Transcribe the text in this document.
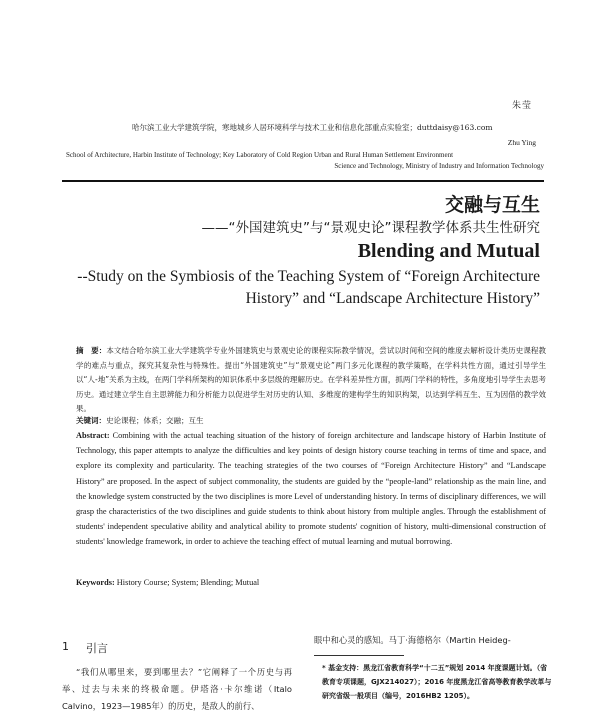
朱莹
哈尔滨工业大学建筑学院，寒地城乡人居环境科学与技术工业和信息化部重点实验室；duttdaisy@163.com
Zhu Ying
School of Architecture, Harbin Institute of Technology; Key Laboratory of Cold Region Urban and Rural Human Settlement Environment
Science and Technology, Ministry of Industry and Information Technology
交融与互生
——“外国建筑史”与“景观史论”课程教学体系共生性研究
Blending and Mutual
--Study on the Symbiosis of the Teaching System of “Foreign Architecture History” and “Landscape Architecture History”
摘　要：本文结合哈尔滨工业大学建筑学专业外国建筑史与景观史论的课程实际教学情况，尝试以时间和空间的维度去解析设计类历史课程教学的难点与重点，探究其复杂性与特殊性。提出“外国建筑史”与“景观史论”两门多元化课程的教学策略，在学科共性方面，通过引导学生以“人-地”关系为主线，在两门学科所架构的知识体系中多层级的理解历史。在学科差异性方面，抓两门学科的特性，多角度地引导学生去思考历史。通过建立学生自主思辨能力和分析能力以促进学生对历史的认知、多维度的建构学生的知识构架，以达到学科互生、互为因借的教学效果。
关键词：史论课程；体系；交融；互生
Abstract: Combining with the actual teaching situation of the history of foreign architecture and landscape history of Harbin Institute of Technology, this paper attempts to analyze the difficulties and key points of design history course teaching in terms of time and space, and explore its complexity and particularity. The teaching strategies of the two courses of “Foreign Architecture History” and “Landscape History” are proposed. In the aspect of subject commonality, the students are guided by the “people-land” relationship as the main line, and the knowledge system constructed by the two disciplines is more Level of understanding history. In terms of disciplinary differences, we will grasp the characteristics of the two disciplines and guide students to think about history from multiple angles. Through the establishment of students' independent speculative ability and analytical ability to promote students' cognition of history, multi-dimensional construction of students' knowledge framework, in order to achieve the teaching effect of mutual learning and mutual borrowing.
Keywords: History Course; System; Blending; Mutual
1 引言
“我们从哪里来，要到哪里去？”它阐释了一个历史与再举、过去与未来的终极命题。伊塔洛·卡尔维诺（Italo Calvino，1923—1985年）的历史，是敌人的前行、
眼中和心灵的感知。马丁·海德格尔（Martin Heideg-
* 基金支持：黑龙江省教育科学“十二五”规划 2014 年度课题计划。（省教育专项课题，GJX214027）；2016 年度黑龙江省高等教育教学改革与研究省级一般项目（编号，2016HB2 1205）。
